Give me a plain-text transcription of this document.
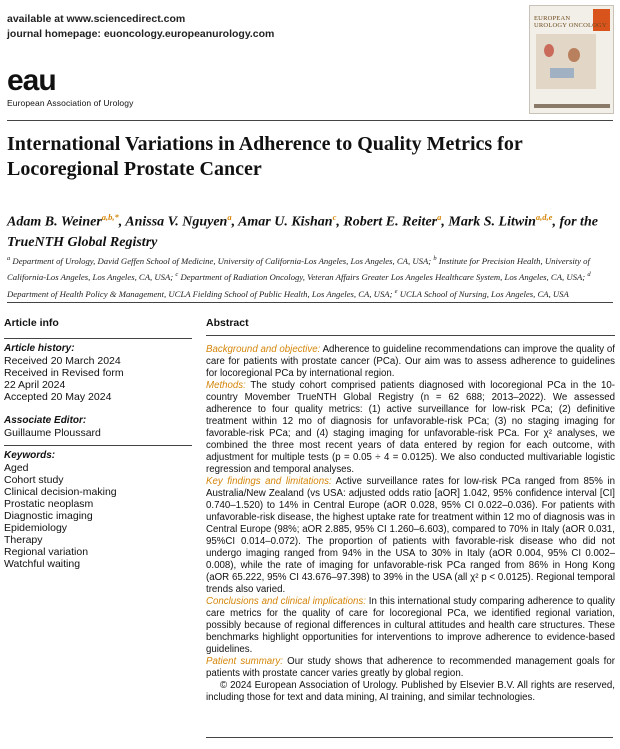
available at www.sciencedirect.com
journal homepage: euoncology.europeanurology.com
EUROPEAN
UROLOGY ONCOLOGY
eau
European Association of Urology
International Variations in Adherence to Quality Metrics for Locoregional Prostate Cancer
Adam B. Weiner$^{a,b,*}$, Anissa V. Nguyen$^a$, Amar U. Kishan$^c$, Robert E. Reiter$^a$, Mark S. Litwin$^{a,d,e}$, for the TrueNTH Global Registry
$^a$ Department of Urology, David Geffen School of Medicine, University of California-Los Angeles, Los Angeles, CA, USA; $^b$ Institute for Precision Health, University of California-Los Angeles, Los Angeles, CA, USA; $^c$ Department of Radiation Oncology, Veteran Affairs Greater Los Angeles Healthcare System, Los Angeles, CA, USA; $^d$ Department of Health Policy & Management, UCLA Fielding School of Public Health, Los Angeles, CA, USA; $^e$ UCLA School of Nursing, Los Angeles, CA, USA
Article info
Article history:
Received 20 March 2024
Received in Revised form
22 April 2024
Accepted 20 May 2024
Associate Editor:
Guillaume Ploussard
Keywords:
Aged
Cohort study
Clinical decision-making
Prostatic neoplasm
Diagnostic imaging
Epidemiology
Therapy
Regional variation
Watchful waiting
Abstract

Background and objective: Adherence to guideline recommendations can improve the quality of care for patients with prostate cancer (PCa). Our aim was to assess adherence to guidelines for locoregional PCa by international region.

Methods: The study cohort comprised patients diagnosed with locoregional PCa in the 10-country Movember TrueNTH Global Registry (n = 62 688; 2013–2022). We assessed adherence to four quality metrics: (1) active surveillance for low-risk PCa; (2) definitive treatment within 12 mo of diagnosis for unfavorable-risk PCa; (3) no staging imaging for favorable-risk PCa; and (4) staging imaging for unfavorable-risk PCa. For χ² analyses, we combined the three most recent years of data entered by region for each outcome, with adjustment for multiple tests (p = 0.05 ÷ 4 = 0.0125). We also conducted multivariable logistic regression and temporal analyses.

Key findings and limitations: Active surveillance rates for low-risk PCa ranged from 85% in Australia/New Zealand (vs USA: adjusted odds ratio [aOR] 1.042, 95% confidence interval [CI] 0.740–1.520) to 14% in Central Europe (aOR 0.028, 95% CI 0.022–0.036). For patients with unfavorable-risk disease, the highest uptake rate for treatment within 12 mo of diagnosis was in Central Europe (98%; aOR 2.885, 95% CI 1.260–6.603), compared to 70% in Italy (aOR 0.031, 95%CI 0.014–0.072). The proportion of patients with favorable-risk disease who did not undergo imaging ranged from 94% in the USA to 30% in Italy (aOR 0.004, 95% CI 0.002–0.008), while the rate of imaging for unfavorable-risk PCa ranged from 86% in Hong Kong (aOR 65.222, 95% CI 43.676–97.398) to 39% in the USA (all χ² p < 0.0125). Regional temporal trends also varied.

Conclusions and clinical implications: In this international study comparing adherence to quality care metrics for the quality of care for locoregional PCa, we identified regional variation, possibly because of regional differences in cultural attitudes and health care structures. These benchmarks highlight opportunities for interventions to improve adherence to evidence-based guidelines.

Patient summary: Our study shows that adherence to recommended management goals for patients with prostate cancer varies greatly by global region.

© 2024 European Association of Urology. Published by Elsevier B.V. All rights are reserved, including those for text and data mining, AI training, and similar technologies.
